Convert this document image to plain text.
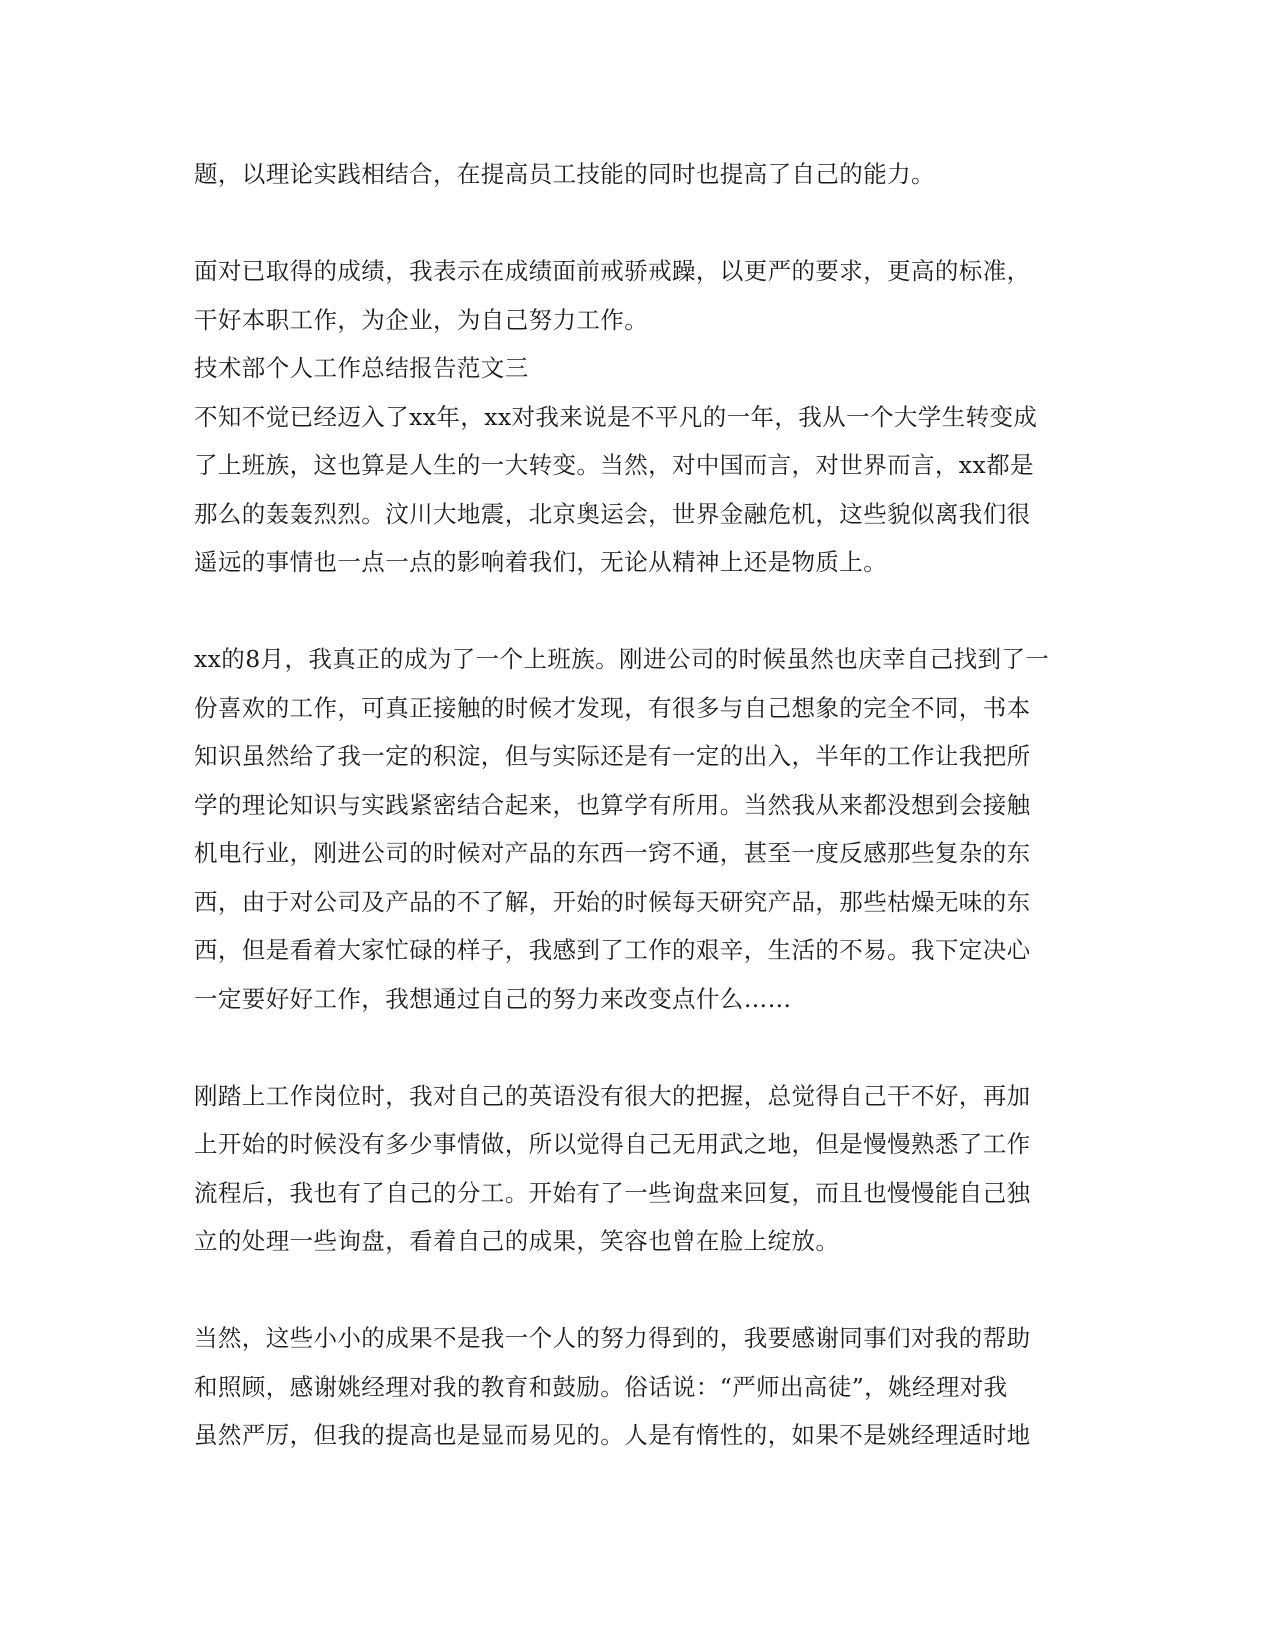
题，以理论实践相结合，在提高员工技能的同时也提高了自己的能力。
面对已取得的成绩，我表示在成绩面前戒骄戒躁，以更严的要求，更高的标准，
干好本职工作，为企业，为自己努力工作。
技术部个人工作总结报告范文三
不知不觉已经迈入了xx年，xx对我来说是不平凡的一年，我从一个大学生转变成
了上班族，这也算是人生的一大转变。当然，对中国而言，对世界而言，xx都是
那么的轰轰烈烈。汶川大地震，北京奥运会，世界金融危机，这些貌似离我们很
遥远的事情也一点一点的影响着我们，无论从精神上还是物质上。
xx的8月，我真正的成为了一个上班族。刚进公司的时候虽然也庆幸自己找到了一
份喜欢的工作，可真正接触的时候才发现，有很多与自己想象的完全不同，书本
知识虽然给了我一定的积淀，但与实际还是有一定的出入，半年的工作让我把所
学的理论知识与实践紧密结合起来，也算学有所用。当然我从来都没想到会接触
机电行业，刚进公司的时候对产品的东西一窍不通，甚至一度反感那些复杂的东
西，由于对公司及产品的不了解，开始的时候每天研究产品，那些枯燥无味的东
西，但是看着大家忙碌的样子，我感到了工作的艰辛，生活的不易。我下定决心
一定要好好工作，我想通过自己的努力来改变点什么……
刚踏上工作岗位时，我对自己的英语没有很大的把握，总觉得自己干不好，再加
上开始的时候没有多少事情做，所以觉得自己无用武之地，但是慢慢熟悉了工作
流程后，我也有了自己的分工。开始有了一些询盘来回复，而且也慢慢能自己独
立的处理一些询盘，看着自己的成果，笑容也曾在脸上绽放。
当然，这些小小的成果不是我一个人的努力得到的，我要感谢同事们对我的帮助
和照顾，感谢姚经理对我的教育和鼓励。俗话说：“严师出高徒”，姚经理对我
虽然严厉，但我的提高也是显而易见的。人是有惰性的，如果不是姚经理适时地
